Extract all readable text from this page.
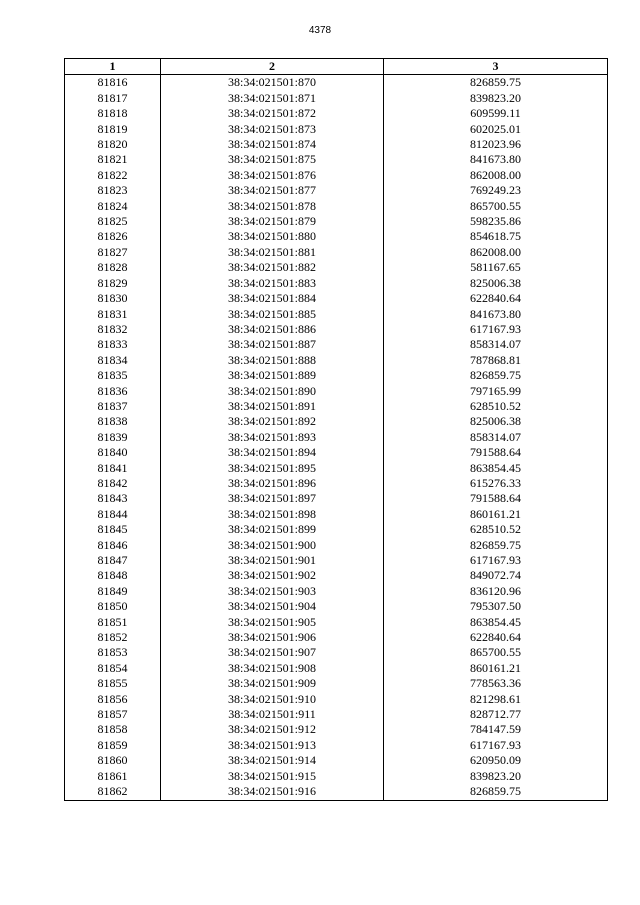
4378
1	2	3
81816	38:34:021501:870	826859.75
81817	38:34:021501:871	839823.20
81818	38:34:021501:872	609599.11
81819	38:34:021501:873	602025.01
81820	38:34:021501:874	812023.96
81821	38:34:021501:875	841673.80
81822	38:34:021501:876	862008.00
81823	38:34:021501:877	769249.23
81824	38:34:021501:878	865700.55
81825	38:34:021501:879	598235.86
81826	38:34:021501:880	854618.75
81827	38:34:021501:881	862008.00
81828	38:34:021501:882	581167.65
81829	38:34:021501:883	825006.38
81830	38:34:021501:884	622840.64
81831	38:34:021501:885	841673.80
81832	38:34:021501:886	617167.93
81833	38:34:021501:887	858314.07
81834	38:34:021501:888	787868.81
81835	38:34:021501:889	826859.75
81836	38:34:021501:890	797165.99
81837	38:34:021501:891	628510.52
81838	38:34:021501:892	825006.38
81839	38:34:021501:893	858314.07
81840	38:34:021501:894	791588.64
81841	38:34:021501:895	863854.45
81842	38:34:021501:896	615276.33
81843	38:34:021501:897	791588.64
81844	38:34:021501:898	860161.21
81845	38:34:021501:899	628510.52
81846	38:34:021501:900	826859.75
81847	38:34:021501:901	617167.93
81848	38:34:021501:902	849072.74
81849	38:34:021501:903	836120.96
81850	38:34:021501:904	795307.50
81851	38:34:021501:905	863854.45
81852	38:34:021501:906	622840.64
81853	38:34:021501:907	865700.55
81854	38:34:021501:908	860161.21
81855	38:34:021501:909	778563.36
81856	38:34:021501:910	821298.61
81857	38:34:021501:911	828712.77
81858	38:34:021501:912	784147.59
81859	38:34:021501:913	617167.93
81860	38:34:021501:914	620950.09
81861	38:34:021501:915	839823.20
81862	38:34:021501:916	826859.75
